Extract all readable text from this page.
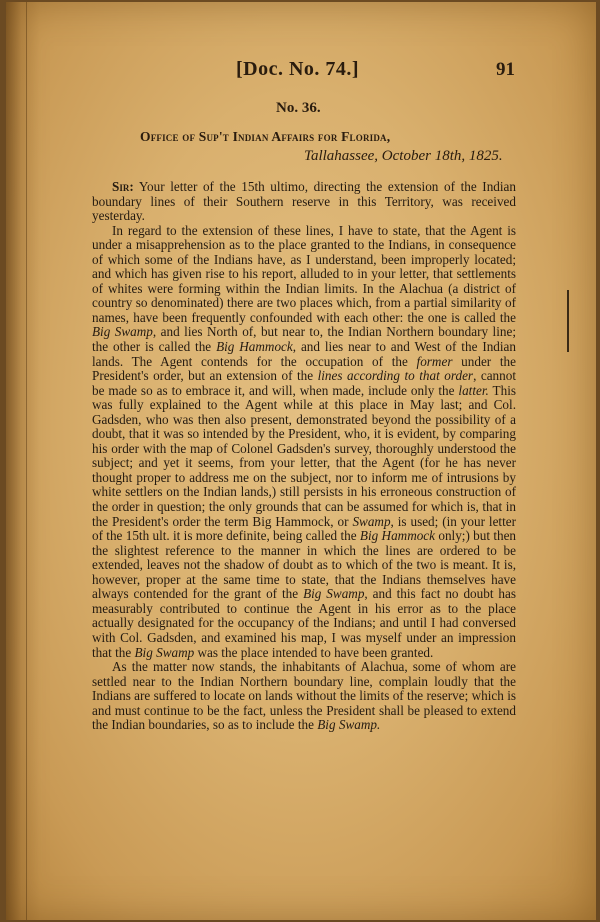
[Doc. No. 74.]	91
No. 36.
Office of Sup't Indian Affairs for Florida,
Tallahassee, October 18th, 1825.

Sir: Your letter of the 15th ultimo, directing the extension of the Indian boundary lines of their Southern reserve in this Territory, was received yesterday.

In regard to the extension of these lines, I have to state, that the Agent is under a misapprehension as to the place granted to the Indians, in consequence of which some of the Indians have, as I understand, been improperly located; and which has given rise to his report, alluded to in your letter, that settlements of whites were forming within the Indian limits. In the Alachua (a district of country so denominated) there are two places which, from a partial similarity of names, have been frequently confounded with each other: the one is called the Big Swamp, and lies North of, but near to, the Indian Northern boundary line; the other is called the Big Hammock, and lies near to and West of the Indian lands. The Agent contends for the occupation of the former under the President's order, but an extension of the lines according to that order, cannot be made so as to embrace it, and will, when made, include only the latter. This was fully explained to the Agent while at this place in May last; and Col. Gadsden, who was then also present, demonstrated beyond the possibility of a doubt, that it was so intended by the President, who, it is evident, by comparing his order with the map of Colonel Gadsden's survey, thoroughly understood the subject; and yet it seems, from your letter, that the Agent (for he has never thought proper to address me on the subject, nor to inform me of intrusions by white settlers on the Indian lands,) still persists in his erroneous construction of the order in question; the only grounds that can be assumed for which is, that in the President's order the term Big Hammock, or Swamp, is used; (in your letter of the 15th ult. it is more definite, being called the Big Hammock only;) but then the slightest reference to the manner in which the lines are ordered to be extended, leaves not the shadow of doubt as to which of the two is meant. It is, however, proper at the same time to state, that the Indians themselves have always contended for the grant of the Big Swamp, and this fact no doubt has measurably contributed to continue the Agent in his error as to the place actually designated for the occupancy of the Indians; and until I had conversed with Col. Gadsden, and examined his map, I was myself under an impression that the Big Swamp was the place intended to have been granted.

As the matter now stands, the inhabitants of Alachua, some of whom are settled near to the Indian Northern boundary line, complain loudly that the Indians are suffered to locate on lands without the limits of the reserve; which is and must continue to be the fact, unless the President shall be pleased to extend the Indian boundaries, so as to include the Big Swamp.
